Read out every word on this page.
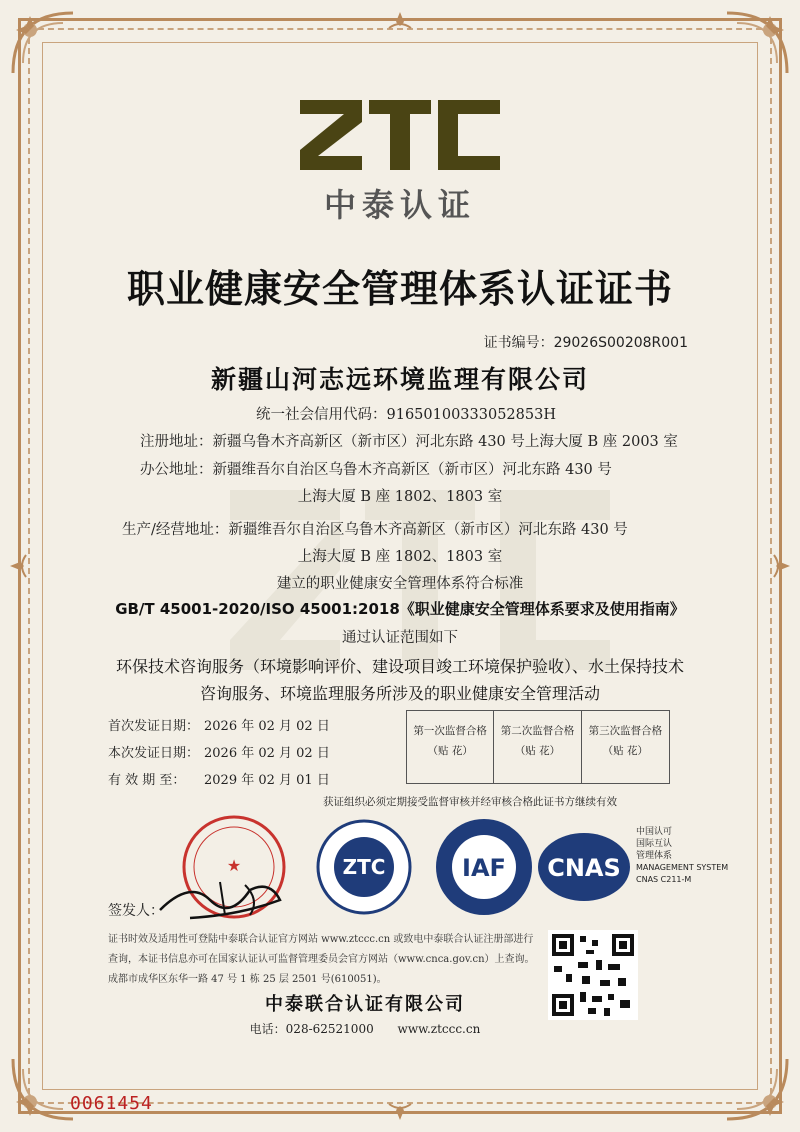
中泰认证
职业健康安全管理体系认证证书
证书编号：29026S00208R001
新疆山河志远环境监理有限公司
统一社会信用代码：91650100333052853H
注册地址：新疆乌鲁木齐高新区（新市区）河北东路 430 号上海大厦 B 座 2003 室
办公地址：新疆维吾尔自治区乌鲁木齐高新区（新市区）河北东路 430 号
上海大厦 B 座 1802、1803 室
生产/经营地址：新疆维吾尔自治区乌鲁木齐高新区（新市区）河北东路 430 号
上海大厦 B 座 1802、1803 室
建立的职业健康安全管理体系符合标准
GB/T 45001-2020/ISO 45001:2018《职业健康安全管理体系要求及使用指南》
通过认证范围如下
环保技术咨询服务（环境影响评价、建设项目竣工环境保护验收）、水土保持技术
咨询服务、环境监理服务所涉及的职业健康安全管理活动
首次发证日期： 2026 年 02 月 02 日
本次发证日期： 2026 年 02 月 02 日
有 效 期 至： 2029 年 02 月 01 日
第一次监督合格
（贴 花）
第二次监督合格
（贴 花）
第三次监督合格
（贴 花）
获证组织必须定期接受监督审核并经审核合格此证书方继续有效
★	ZTC	IAF CNAS
中国认可
国际互认
管理体系
MANAGEMENT SYSTEM
CNAS C211-M
签发人：
证书时效及适用性可登陆中泰联合认证官方网站 www.ztccc.cn 或致电中泰联合认证注册部进行
查询，本证书信息亦可在国家认证认可监督管理委员会官方网站（www.cnca.gov.cn）上查询。
成都市成华区东华一路 47 号 1 栋 25 层 2501 号(610051)。
中泰联合认证有限公司
电话：028-62521000 www.ztccc.cn
0061454
